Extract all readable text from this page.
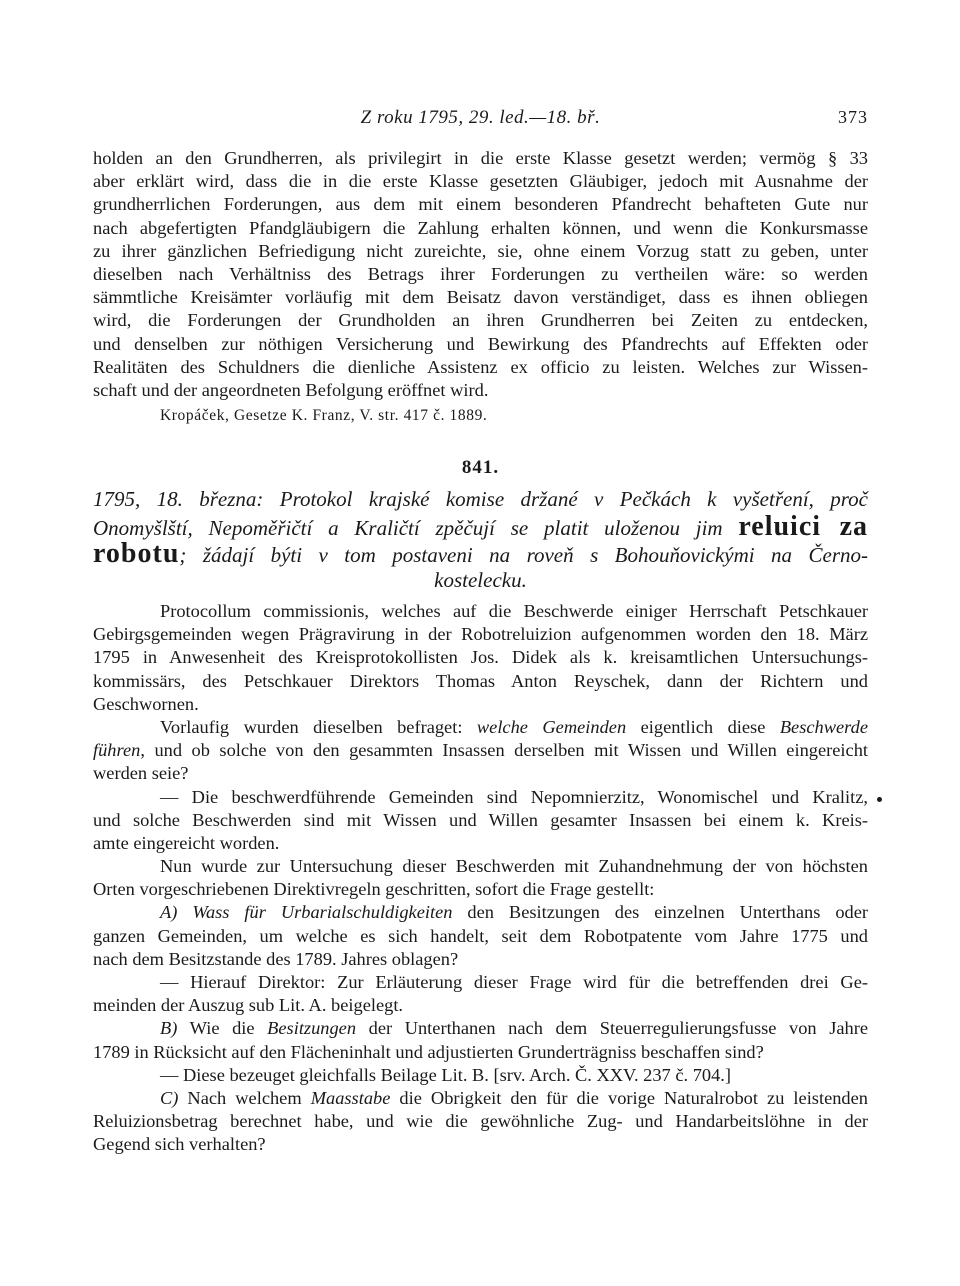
Z roku 1795, 29. led.—18. bř.	373
holden an den Grundherren, als privilegirt in die erste Klasse gesetzt werden; vermög § 33
aber erklärt wird, dass die in die erste Klasse gesetzten Gläubiger, jedoch mit Ausnahme der
grundherrlichen Forderungen, aus dem mit einem besonderen Pfandrecht behafteten Gute nur
nach abgefertigten Pfandgläubigern die Zahlung erhalten können, und wenn die Konkursmasse
zu ihrer gänzlichen Befriedigung nicht zureichte, sie, ohne einem Vorzug statt zu geben, unter
dieselben nach Verhältniss des Betrags ihrer Forderungen zu vertheilen wäre: so werden
sämmtliche Kreisämter vorläufig mit dem Beisatz davon verständiget, dass es ihnen obliegen
wird, die Forderungen der Grundholden an ihren Grundherren bei Zeiten zu entdecken,
und denselben zur nöthigen Versicherung und Bewirkung des Pfandrechts auf Effekten oder
Realitäten des Schuldners die dienliche Assistenz ex officio zu leisten. Welches zur Wissen-
schaft und der angeordneten Befolgung eröffnet wird.
Kropáček, Gesetze K. Franz, V. str. 417 č. 1889.
841.
1795, 18. března: Protokol krajské komise držané v Pečkách k vyšetření, proč
Onomyšlští, Nepoměřičtí a Kraličtí zpěčují se platit uloženou jim reluici za
robotu; žádají býti v tom postaveni na roveň s Bohouňovickými na Černo-
kostelecku.
Protocollum commissionis, welches auf die Beschwerde einiger Herrschaft Petschkauer
Gebirgsgemeinden wegen Prägravirung in der Robotreluizion aufgenommen worden den 18. März
1795 in Anwesenheit des Kreisprotokollisten Jos. Didek als k. kreisamtlichen Untersuchungs-
kommissärs, des Petschkauer Direktors Thomas Anton Reyschek, dann der Richtern und
Geschwornen.
Vorlaufig wurden dieselben befraget: welche Gemeinden eigentlich diese Beschwerde
führen, und ob solche von den gesammten Insassen derselben mit Wissen und Willen eingereicht
werden seie?
— Die beschwerdführende Gemeinden sind Nepomnierzitz, Wonomischel und Kralitz,
und solche Beschwerden sind mit Wissen und Willen gesamter Insassen bei einem k. Kreis-
amte eingereicht worden.
Nun wurde zur Untersuchung dieser Beschwerden mit Zuhandnehmung der von höchsten
Orten vorgeschriebenen Direktivregeln geschritten, sofort die Frage gestellt:
A) Wass für Urbarialschuldigkeiten den Besitzungen des einzelnen Unterthans oder
ganzen Gemeinden, um welche es sich handelt, seit dem Robotpatente vom Jahre 1775 und
nach dem Besitzstande des 1789. Jahres oblagen?
— Hierauf Direktor: Zur Erläuterung dieser Frage wird für die betreffenden drei Ge-
meinden der Auszug sub Lit. A. beigelegt.
B) Wie die Besitzungen der Unterthanen nach dem Steuerregulierungsfusse von Jahre
1789 in Rücksicht auf den Flächeninhalt und adjustierten Grunderträgniss beschaffen sind?
— Diese bezeuget gleichfalls Beilage Lit. B. [srv. Arch. Č. XXV. 237 č. 704.]
C) Nach welchem Maasstabe die Obrigkeit den für die vorige Naturalrobot zu leistenden
Reluizionsbetrag berechnet habe, und wie die gewöhnliche Zug- und Handarbeitslöhne in der
Gegend sich verhalten?
